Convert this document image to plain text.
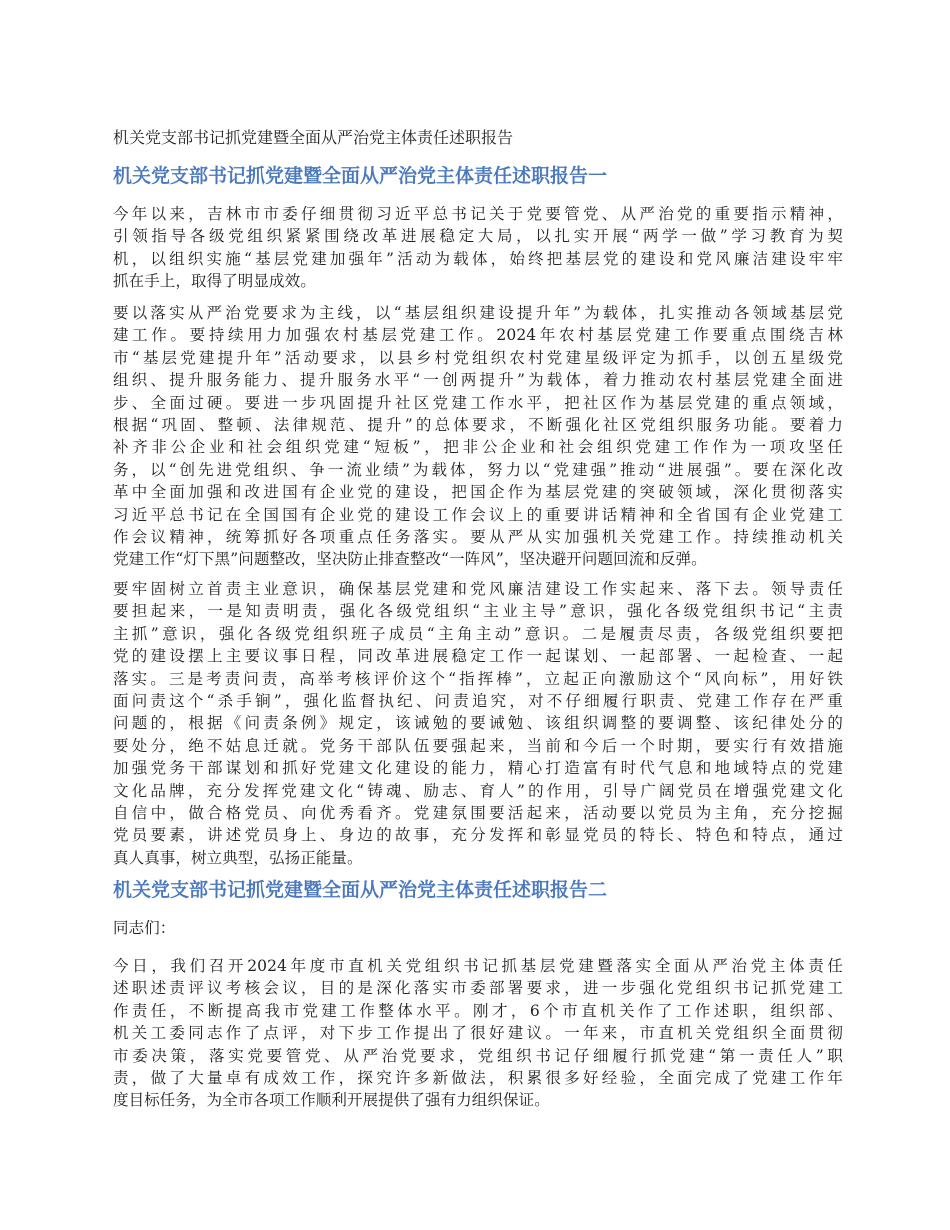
机关党支部书记抓党建暨全面从严治党主体责任述职报告
机关党支部书记抓党建暨全面从严治党主体责任述职报告一
今年以来，吉林市市委仔细贯彻习近平总书记关于党要管党、从严治党的重要指示精神，
引领指导各级党组织紧紧围绕改革进展稳定大局，以扎实开展“两学一做”学习教育为契
机，以组织实施“基层党建加强年”活动为载体，始终把基层党的建设和党风廉洁建设牢牢
抓在手上，取得了明显成效。
要以落实从严治党要求为主线，以“基层组织建设提升年”为载体，扎实推动各领域基层党
建工作。要持续用力加强农村基层党建工作。2024年农村基层党建工作要重点围绕吉林
市“基层党建提升年”活动要求，以县乡村党组织农村党建星级评定为抓手，以创五星级党
组织、提升服务能力、提升服务水平“一创两提升”为载体，着力推动农村基层党建全面进
步、全面过硬。要进一步巩固提升社区党建工作水平，把社区作为基层党建的重点领域，
根据“巩固、整顿、法律规范、提升”的总体要求，不断强化社区党组织服务功能。要着力
补齐非公企业和社会组织党建“短板”，把非公企业和社会组织党建工作作为一项攻坚任
务，以“创先进党组织、争一流业绩”为载体，努力以“党建强”推动“进展强”。要在深化改
革中全面加强和改进国有企业党的建设，把国企作为基层党建的突破领域，深化贯彻落实
习近平总书记在全国国有企业党的建设工作会议上的重要讲话精神和全省国有企业党建工
作会议精神，统筹抓好各项重点任务落实。要从严从实加强机关党建工作。持续推动机关
党建工作“灯下黑”问题整改，坚决防止排查整改“一阵风”，坚决避开问题回流和反弹。
要牢固树立首责主业意识，确保基层党建和党风廉洁建设工作实起来、落下去。领导责任
要担起来，一是知责明责，强化各级党组织“主业主导”意识，强化各级党组织书记“主责
主抓”意识，强化各级党组织班子成员“主角主动”意识。二是履责尽责，各级党组织要把
党的建设摆上主要议事日程，同改革进展稳定工作一起谋划、一起部署、一起检查、一起
落实。三是考责问责，高举考核评价这个“指挥棒”，立起正向激励这个“风向标”，用好铁
面问责这个“杀手锏”，强化监督执纪、问责追究，对不仔细履行职责、党建工作存在严重
问题的，根据《问责条例》规定，该诫勉的要诫勉、该组织调整的要调整、该纪律处分的
要处分，绝不姑息迁就。党务干部队伍要强起来，当前和今后一个时期，要实行有效措施
加强党务干部谋划和抓好党建文化建设的能力，精心打造富有时代气息和地域特点的党建
文化品牌，充分发挥党建文化“铸魂、励志、育人”的作用，引导广阔党员在增强党建文化
自信中，做合格党员、向优秀看齐。党建氛围要活起来，活动要以党员为主角，充分挖掘
党员要素，讲述党员身上、身边的故事，充分发挥和彰显党员的特长、特色和特点，通过
真人真事，树立典型，弘扬正能量。
机关党支部书记抓党建暨全面从严治党主体责任述职报告二
同志们：
今日，我们召开2024年度市直机关党组织书记抓基层党建暨落实全面从严治党主体责任
述职述责评议考核会议，目的是深化落实市委部署要求，进一步强化党组织书记抓党建工
作责任，不断提高我市党建工作整体水平。刚才，6个市直机关作了工作述职，组织部、
机关工委同志作了点评，对下步工作提出了很好建议。一年来，市直机关党组织全面贯彻
市委决策，落实党要管党、从严治党要求，党组织书记仔细履行抓党建“第一责任人”职
责，做了大量卓有成效工作，探究许多新做法，积累很多好经验，全面完成了党建工作年
度目标任务，为全市各项工作顺利开展提供了强有力组织保证。
